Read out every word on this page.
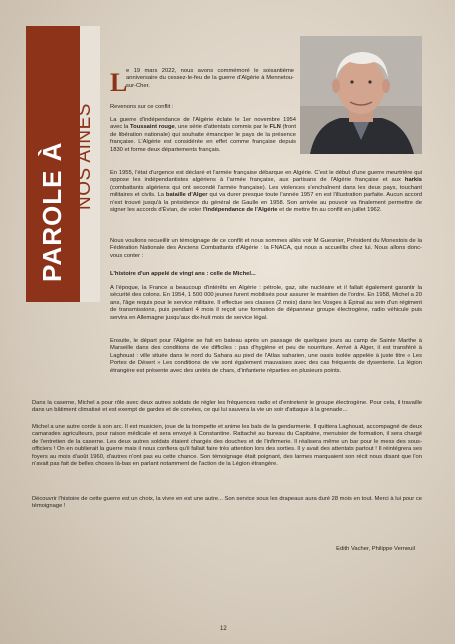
PAROLE À NOS AÎNÉS
L
e 19 mars 2022, nous avons commémoré le soixantième anniversaire du cessez-le-feu de la guerre d'Algérie à Mennetou-sur-Cher.
Revenons sur ce conflit :
La guerre d'indépendance de l'Algérie éclate le 1er novembre 1954 avec la Toussaint rouge, une série d'attentats commis par le FLN (front de libération nationale) qui souhaite émanciper le pays de la présence française. L'Algérie est considérée en effet comme française depuis 1830 et forme deux départements français.
En 1955, l'état d'urgence est déclaré et l'armée française débarque en Algérie. C'est le début d'une guerre meurtrière qui oppose les indépendantistes algériens à l'armée française, aux partisans de l'Algérie française et aux harkis (combattants algériens qui ont secondé l'armée française). Les violences s'enchaînent dans les deux pays, touchant militaires et civils. La bataille d'Alger qui va durer presque toute l'année 1957 en est l'illustration parfaite. Aucun accord n'est trouvé jusqu'à la présidence du général de Gaulle en 1958. Son arrivée au pouvoir va finalement permettre de signer les accords d'Évian, de voter l'indépendance de l'Algérie et de mettre fin au conflit en juillet 1962.
Nous voulions recueillir un témoignage de ce conflit et nous sommes allés voir M Guesnier, Président du Monestois de la Fédération Nationale des Anciens Combattants d'Algérie : la FNACA, qui nous a accueillis chez lui. Nous allons donc-vous conter :
L'histoire d'un appelé de vingt ans : celle de Michel...
A l'époque, la France a beaucoup d'intérêts en Algérie : pétrole, gaz, site nucléaire et il fallait également garantir la sécurité des colons. En 1954, 1 500 000 jeunes furent mobilisés pour assurer le maintien de l'ordre. En 1958, Michel a 20 ans, l'âge requis pour le service militaire. Il effectue ses classes (2 mois) dans les Vosges à Épinal au sein d'un régiment de transmissions, puis pendant 4 mois il reçoit une formation de dépanneur groupe électrogène, radio véhicule puis servira en Allemagne jusqu'aux dix-huit mois de service légal.
Ensuite, le départ pour l'Algérie se fait en bateau après un passage de quelques jours au camp de Sainte Marthe à Marseille dans des conditions de vie difficiles : pas d'hygiène et peu de nourriture. Arrivé à Alger, il est transféré à Laghouat : ville située dans le nord du Sahara au pied de l'Atlas saharien, une oasis isolée appelée à juste titre « Les Portes de Désert » Les conditions de vie sont également mauvaises avec des cas fréquents de dysenterie. La légion étrangère est présente avec des unités de chars, d'infanterie réparties en plusieurs points.
Dans la caserne, Michel a pour rôle avec deux autres soldats de régler les fréquences radio et d'entretenir le groupe électrogène. Pour cela, il travaille dans un bâtiment climatisé et est exempt de gardes et de corvées, ce qui lui sauvera la vie un soir d'attaque à la grenade...
Michel a une autre corde à son arc. Il est musicien, joue de la trompette et anime les bals de la gendarmerie. Il quittera Laghouat, accompagné de deux camarades agriculteurs, pour raison médicale et sera envoyé à Constantine. Rattaché au bureau du Capitaine, menuisier de formation, il sera chargé de l'entretien de la caserne. Les deux autres soldats étaient chargés des douches et de l'infirmerie. Il réalisera même un bar pour le mess des sous-officiers ! On en oublierait la guerre mais il nous confiera qu'il fallait faire très attention lors des sorties. Il y avait des attentats partout ! Il réintégrera ses foyers au mois d'août 1960, d'autres n'ont pas eu cette chance. Son témoignage était poignant, des larmes marquaient son récit nous disant que l'on n'avait pas fait de belles choses là-bas en parlant notamment de l'action de la Légion étrangère.
Découvrir l'histoire de cette guerre est un choix, la vivre en est une autre... Son service sous les drapeaux aura duré 28 mois en tout. Merci à lui pour ce témoignage !
Edith Vacher, Philippe Verneuil
12
